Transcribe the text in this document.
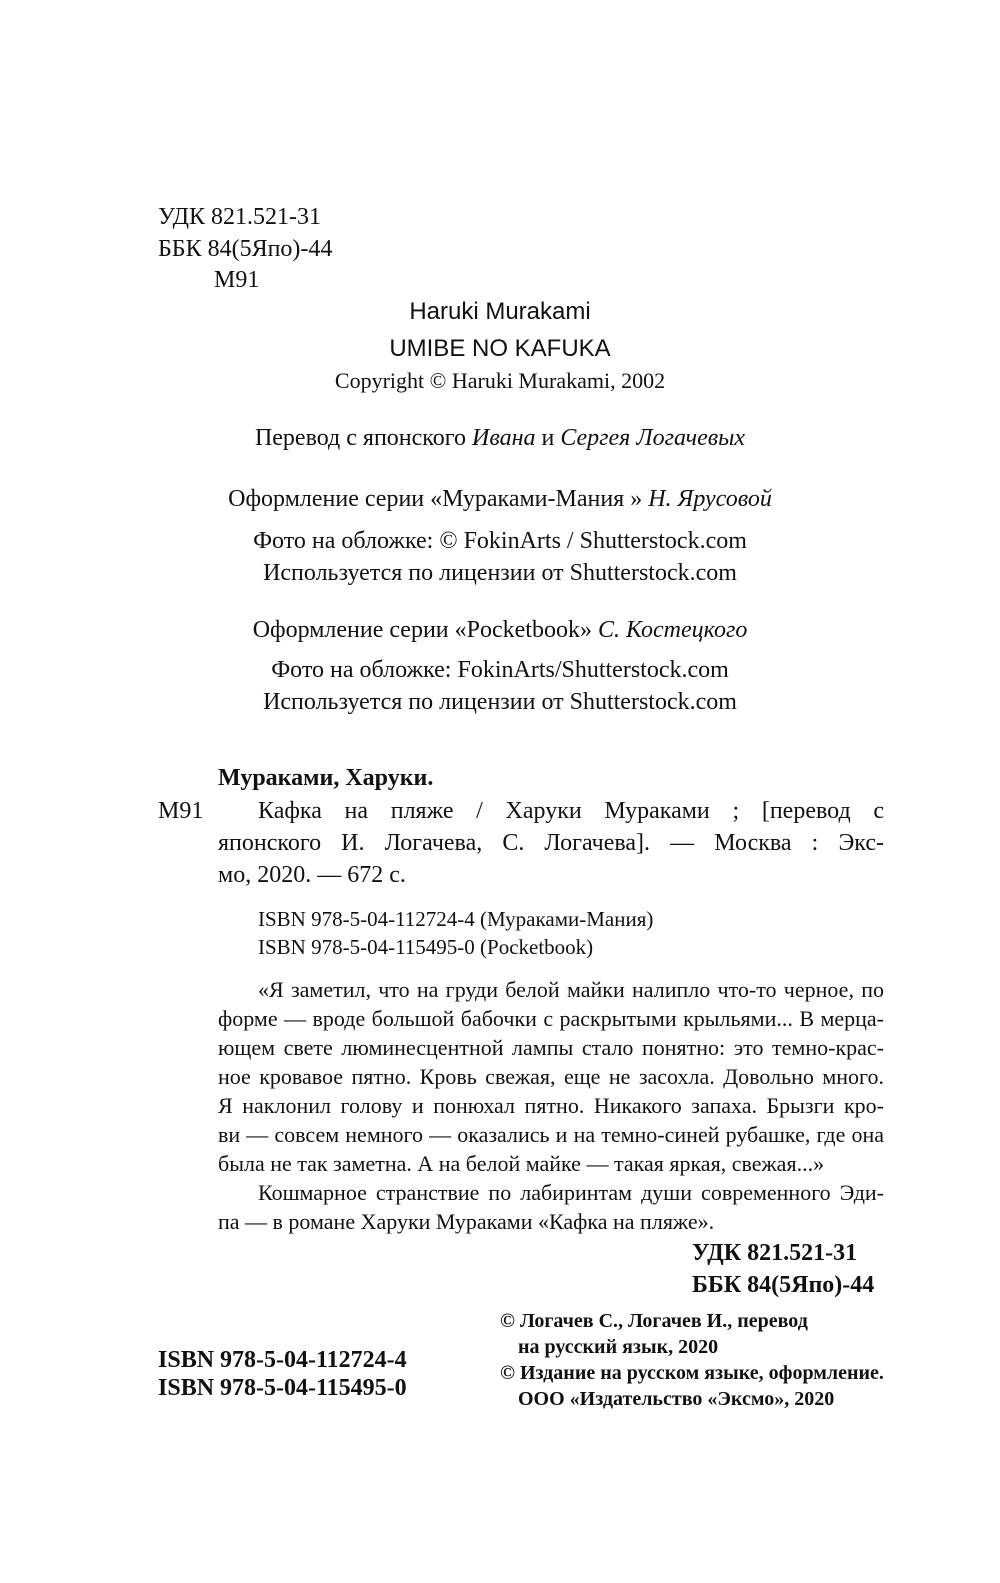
УДК 821.521-31
ББК 84(5Япо)-44
М91
Haruki Murakami
UMIBE NO KAFUKA
Copyright © Haruki Murakami, 2002
Перевод с японского Ивана и Сергея Логачевых
Оформление серии «Мураками-Мания » Н. Ярусовой
Фото на обложке: © FokinArts / Shutterstock.com
Используется по лицензии от Shutterstock.com
Оформление серии «Pocketbook» С. Костецкого
Фото на обложке: FokinArts/Shutterstock.com
Используется по лицензии от Shutterstock.com
Мураками, Харуки.
М91 Кафка на пляже / Харуки Мураками ; [перевод с
японского И. Логачева, С. Логачева]. — Москва : Экс-
мо, 2020. — 672 с.
ISBN 978-5-04-112724-4 (Мураками-Мания)
ISBN 978-5-04-115495-0 (Pocketbook)
«Я заметил, что на груди белой майки налипло что-то черное, по
форме — вроде большой бабочки с раскрытыми крыльями... В мерца-
ющем свете люминесцентной лампы стало понятно: это темно-крас-
ное кровавое пятно. Кровь свежая, еще не засохла. Довольно много.
Я наклонил голову и понюхал пятно. Никакого запаха. Брызги кро-
ви — совсем немного — оказались и на темно-синей рубашке, где она
была не так заметна. А на белой майке — такая яркая, свежая...»
Кошмарное странствие по лабиринтам души современного Эди-
па — в романе Харуки Мураками «Кафка на пляже».
УДК 821.521-31
ББК 84(5Япо)-44
ISBN 978-5-04-112724-4
ISBN 978-5-04-115495-0
© Логачев С., Логачев И., перевод
на русский язык, 2020
© Издание на русском языке, оформление.
ООО «Издательство «Эксмо», 2020
